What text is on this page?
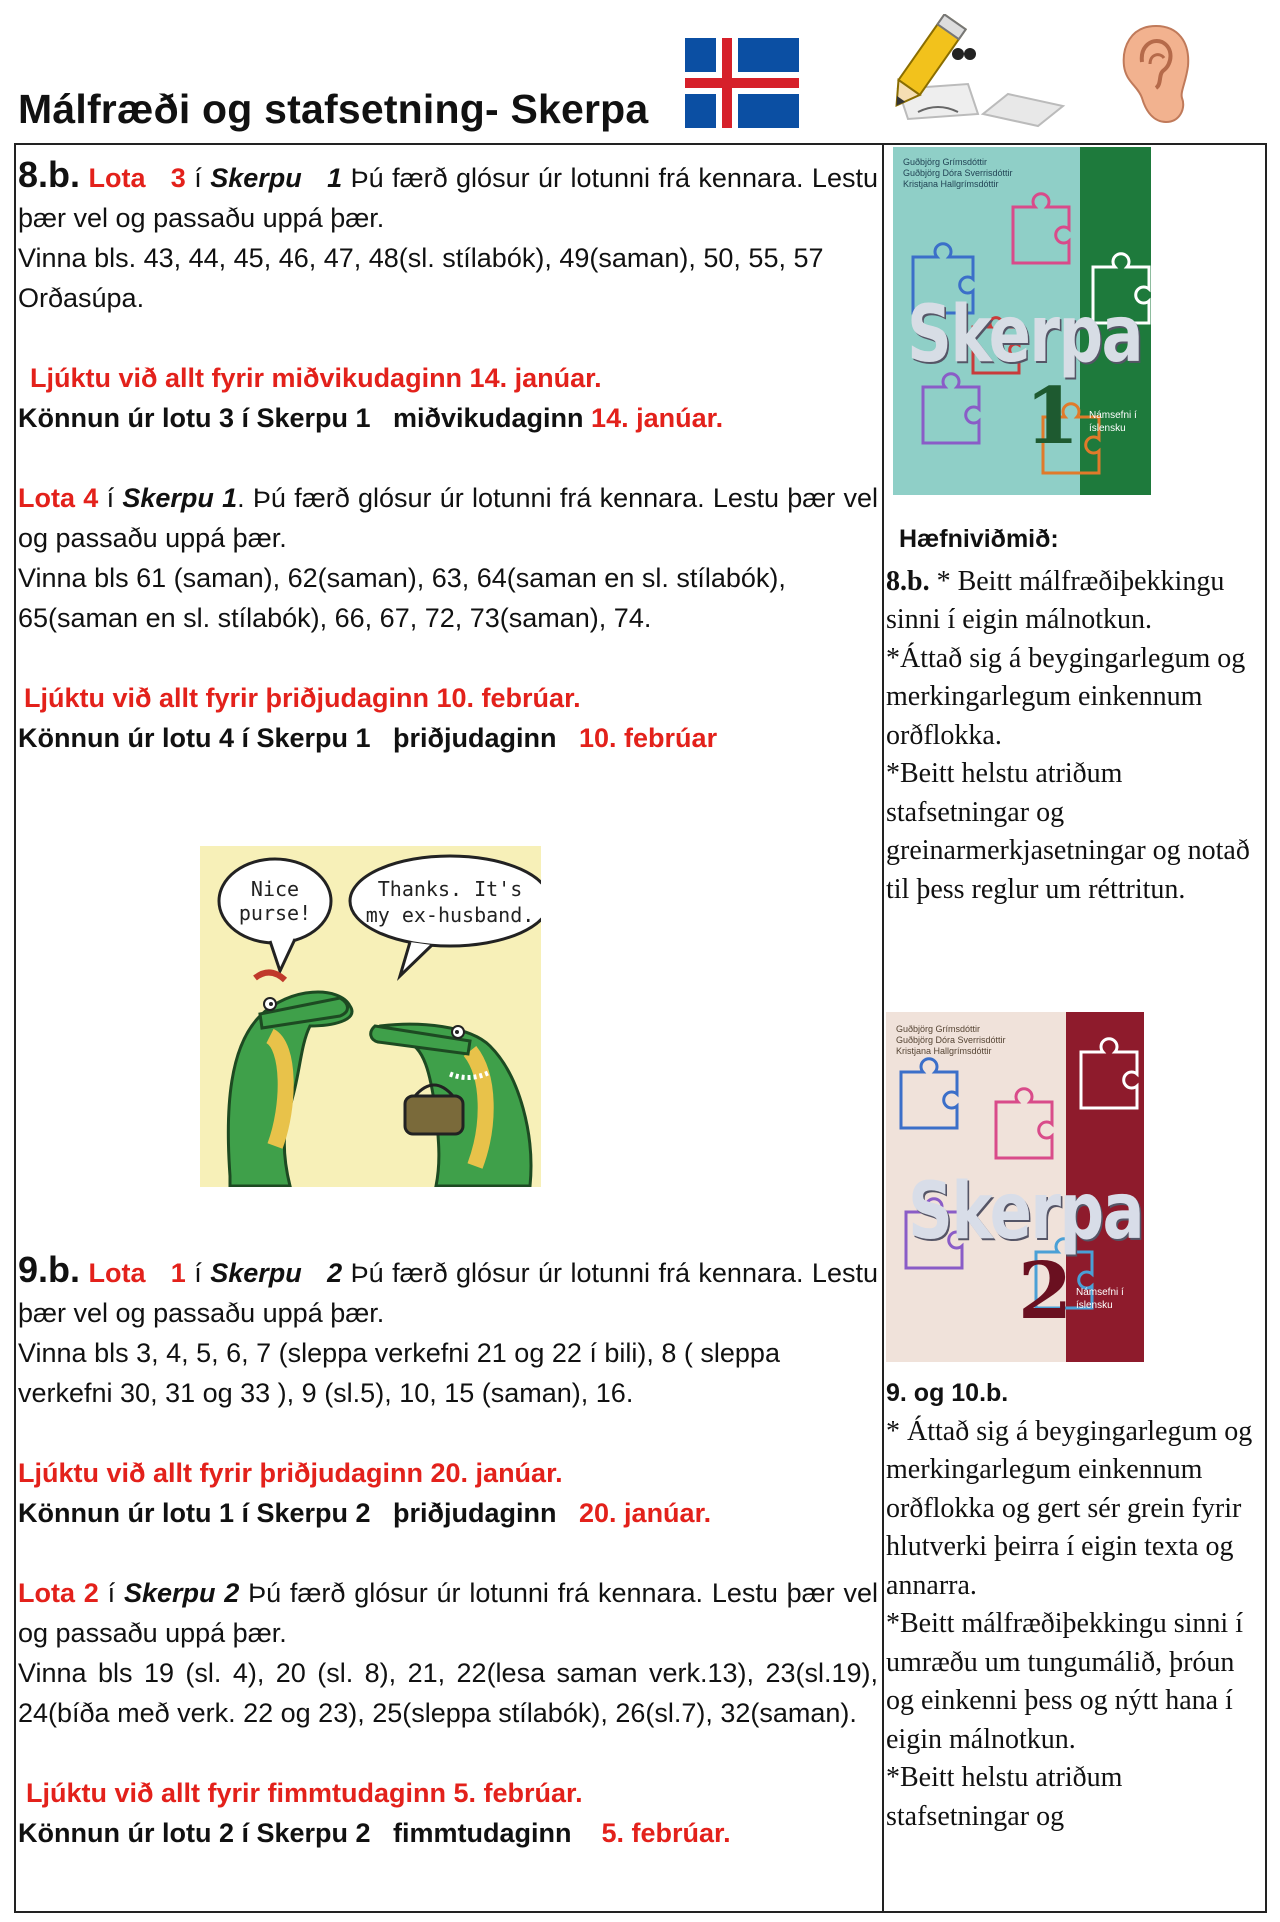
Málfræði og stafsetning- Skerpa
8.b. Lota 3 í Skerpu 1 Þú færð glósur úr lotunni frá kennara. Lestu þær vel og passaðu uppá þær.
Vinna bls. 43, 44, 45, 46, 47, 48(sl. stílabók), 49(saman), 50, 55, 57 Orðasúpa.
Ljúktu við allt fyrir miðvikudaginn 14. janúar.
Könnun úr lotu 3 í Skerpu 1   miðvikudaginn 14. janúar.
Lota 4 í Skerpu 1. Þú færð glósur úr lotunni frá kennara. Lestu þær vel og passaðu uppá þær.
Vinna bls 61 (saman), 62(saman), 63, 64(saman en sl. stílabók), 65(saman en sl. stílabók), 66, 67, 72, 73(saman), 74.
Ljúktu við allt fyrir þriðjudaginn 10. febrúar.
Könnun úr lotu 4 í Skerpu 1   þriðjudaginn   10. febrúar
Nice
purse!
Thanks. It's
my ex-husband.
9.b. Lota 1 í Skerpu 2 Þú færð glósur úr lotunni frá kennara. Lestu þær vel og passaðu uppá þær.
Vinna bls 3, 4, 5, 6, 7 (sleppa verkefni 21 og 22 í bili), 8 ( sleppa verkefni 30, 31 og 33 ), 9 (sl.5), 10, 15 (saman), 16.
Ljúktu við allt fyrir þriðjudaginn 20. janúar.
Könnun úr lotu 1 í Skerpu 2   þriðjudaginn   20. janúar.
Lota 2 í Skerpu 2 Þú færð glósur úr lotunni frá kennara. Lestu þær vel og passaðu uppá þær.
Vinna bls 19 (sl. 4), 20 (sl. 8), 21, 22(lesa saman verk.13), 23(sl.19), 24(bíða með verk. 22 og 23), 25(sleppa stílabók), 26(sl.7), 32(saman).
Ljúktu við allt fyrir fimmtudaginn 5. febrúar.
Könnun úr lotu 2 í Skerpu 2   fimmtudaginn    5. febrúar.
Guðbjörg Grímsdóttir
Guðbjörg Dóra Sverrisdóttir
Kristjana Hallgrímsdóttir
Skerpa
1 Námsefni í
íslensku
Hæfniviðmið:
8.b. * Beitt málfræðiþekkingu sinni í eigin málnotkun.
*Áttað sig á beygingarlegum og merkingarlegum einkennum orðflokka.
*Beitt helstu atriðum stafsetningar og greinarmerkjasetningar og notað til þess reglur um réttritun.
Guðbjörg Grímsdóttir
Guðbjörg Dóra Sverrisdóttir
Kristjana Hallgrímsdóttir
Skerpa
2 Námsefni í
íslensku
9. og 10.b.
* Áttað sig á beygingarlegum og merkingarlegum einkennum orðflokka og gert sér grein fyrir hlutverki þeirra í eigin texta og annarra.
*Beitt málfræðiþekkingu sinni í umræðu um tungumálið, þróun og einkenni þess og nýtt hana í eigin málnotkun.
*Beitt helstu atriðum stafsetningar og
